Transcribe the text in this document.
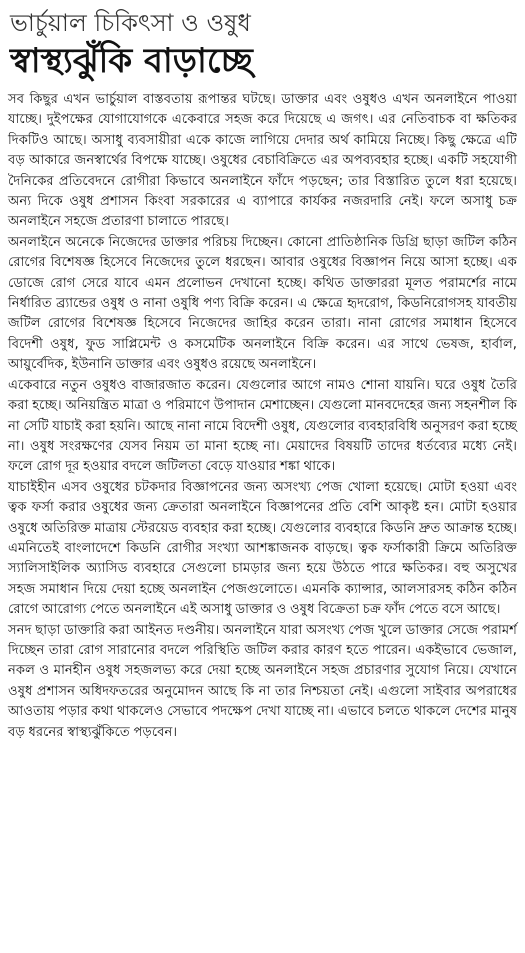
ভার্চুয়াল চিকিৎসা ও ওষুধ
স্বাস্থ্যঝুঁকি বাড়াচ্ছে

সব কিছুর এখন ভার্চুয়াল বাস্তবতায় রূপান্তর ঘটছে। ডাক্তার এবং ওষুধও এখন অনলাইনে পাওয়া যাচ্ছে। দুইপক্ষের যোগাযোগকে একেবারে সহজ করে দিয়েছে এ জগৎ। এর নেতিবাচক বা ক্ষতিকর দিকটিও আছে। অসাধু ব্যবসায়ীরা একে কাজে লাগিয়ে দেদার অর্থ কামিয়ে নিচ্ছে। কিছু ক্ষেত্রে এটি বড় আকারে জনস্বার্থের বিপক্ষে যাচ্ছে। ওষুধের বেচাবিক্রিতে এর অপব্যবহার হচ্ছে। একটি সহযোগী দৈনিকের প্রতিবেদনে রোগীরা কিভাবে অনলাইনে ফাঁদে পড়ছেন; তার বিস্তারিত তুলে ধরা হয়েছে। অন্য দিকে ওষুধ প্রশাসন কিংবা সরকারের এ ব্যাপারে কার্যকর নজরদারি নেই। ফলে অসাধু চক্র অনলাইনে সহজে প্রতারণা চালাতে পারছে।

অনলাইনে অনেকে নিজেদের ডাক্তার পরিচয় দিচ্ছেন। কোনো প্রাতিষ্ঠানিক ডিগ্রি ছাড়া জটিল কঠিন রোগের বিশেষজ্ঞ হিসেবে নিজেদের তুলে ধরছেন। আবার ওষুধের বিজ্ঞাপন নিয়ে আসা হচ্ছে। এক ডোজে রোগ সেরে যাবে এমন প্রলোভন দেখানো হচ্ছে। কথিত ডাক্তাররা মূলত পরামর্শের নামে নির্ধারিত ব্র্যান্ডের ওষুধ ও নানা ওষুধি পণ্য বিক্রি করেন। এ ক্ষেত্রে হৃদরোগ, কিডনিরোগসহ যাবতীয় জটিল রোগের বিশেষজ্ঞ হিসেবে নিজেদের জাহির করেন তারা। নানা রোগের সমাধান হিসেবে বিদেশী ওষুধ, ফুড সাপ্লিমেন্ট ও কসমেটিক অনলাইনে বিক্রি করেন। এর সাথে ভেষজ, হার্বাল, আয়ুর্বেদিক, ইউনানি ডাক্তার এবং ওষুধও রয়েছে অনলাইনে।

একেবারে নতুন ওষুধও বাজারজাত করেন। যেগুলোর আগে নামও শোনা যায়নি। ঘরে ওষুধ তৈরি করা হচ্ছে। অনিয়ন্ত্রিত মাত্রা ও পরিমাণে উপাদান মেশাচ্ছেন। যেগুলো মানবদেহের জন্য সহনশীল কি না সেটি যাচাই করা হয়নি। আছে নানা নামে বিদেশী ওষুধ, যেগুলোর ব্যবহারবিধি অনুসরণ করা হচ্ছে না। ওষুধ সংরক্ষণের যেসব নিয়ম তা মানা হচ্ছে না। মেয়াদের বিষয়টি তাদের ধর্তব্যের মধ্যে নেই। ফলে রোগ দূর হওয়ার বদলে জটিলতা বেড়ে যাওয়ার শঙ্কা থাকে।

যাচাইহীন এসব ওষুধের চটকদার বিজ্ঞাপনের জন্য অসংখ্য পেজ খোলা হয়েছে। মোটা হওয়া এবং ত্বক ফর্সা করার ওষুধের জন্য ক্রেতারা অনলাইনে বিজ্ঞাপনের প্রতি বেশি আকৃষ্ট হন। মোটা হওয়ার ওষুধে অতিরিক্ত মাত্রায় স্টেরয়েড ব্যবহার করা হচ্ছে। যেগুলোর ব্যবহারে কিডনি দ্রুত আক্রান্ত হচ্ছে। এমনিতেই বাংলাদেশে কিডনি রোগীর সংখ্যা আশঙ্কাজনক বাড়ছে। ত্বক ফর্সাকারী ক্রিমে অতিরিক্ত স্যালিসাইলিক অ্যাসিড ব্যবহারে সেগুলো চামড়ার জন্য হয়ে উঠতে পারে ক্ষতিকর। বহু অসুখের সহজ সমাধান দিয়ে দেয়া হচ্ছে অনলাইন পেজগুলোতে। এমনকি ক্যান্সার, আলসারসহ কঠিন কঠিন রোগে আরোগ্য পেতে অনলাইনে এই অসাধু ডাক্তার ও ওষুধ বিক্রেতা চক্র ফাঁদ পেতে বসে আছে।

সনদ ছাড়া ডাক্তারি করা আইনত দণ্ডনীয়। অনলাইনে যারা অসংখ্য পেজ খুলে ডাক্তার সেজে পরামর্শ দিচ্ছেন তারা রোগ সারানোর বদলে পরিস্থিতি জটিল করার কারণ হতে পারেন। একইভাবে ভেজাল, নকল ও মানহীন ওষুধ সহজলভ্য করে দেয়া হচ্ছে অনলাইনে সহজ প্রচারণার সুযোগ নিয়ে। যেখানে ওষুধ প্রশাসন অধিদফতরের অনুমোদন আছে কি না তার নিশ্চয়তা নেই। এগুলো সাইবার অপরাধের আওতায় পড়ার কথা থাকলেও সেভাবে পদক্ষেপ দেখা যাচ্ছে না। এভাবে চলতে থাকলে দেশের মানুষ বড় ধরনের স্বাস্থ্যঝুঁকিতে পড়বেন।
